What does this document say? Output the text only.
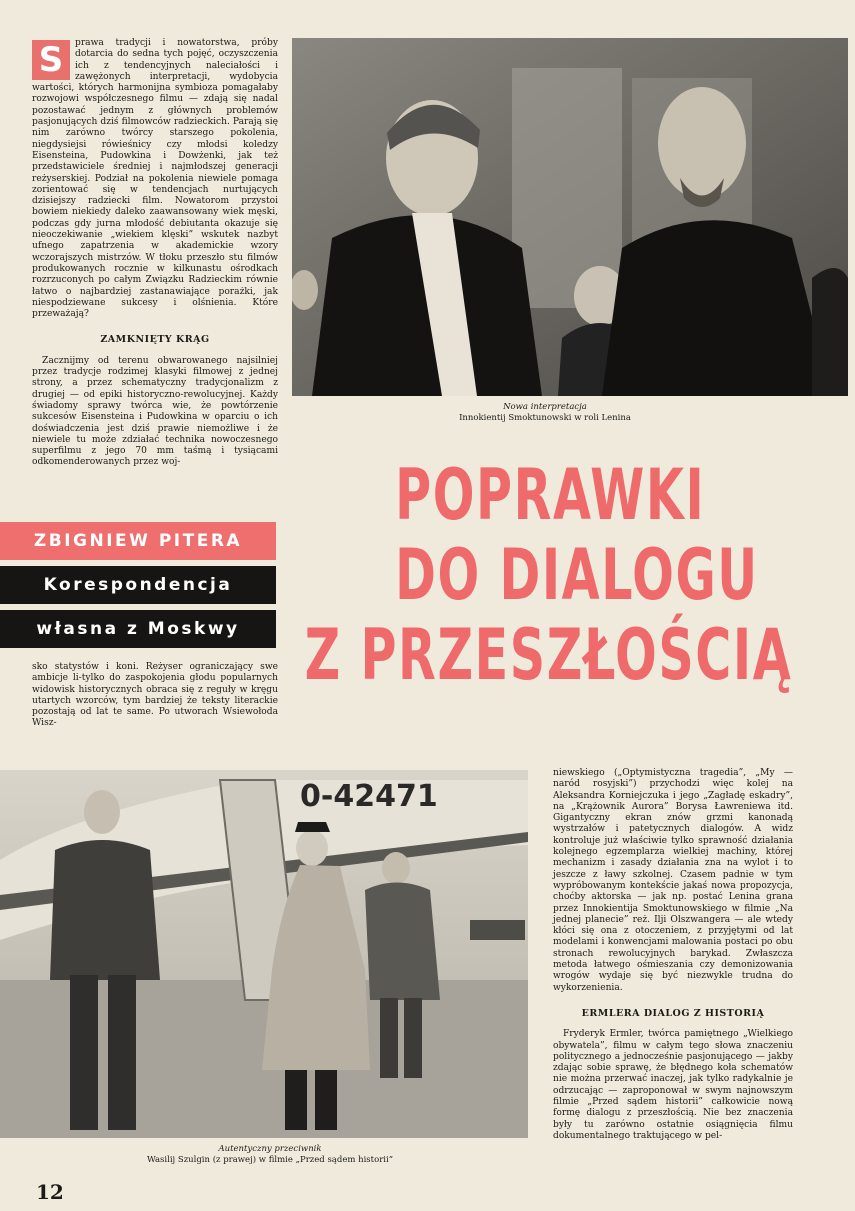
S	prawa tradycji i nowatorstwa, próby dotarcia do sedna tych pojęć, oczyszczenia ich z tendencyjnych naleciałości i zawężonych interpretacji, wydobycia wartości, których harmonijna symbioza pomagałaby rozwojowi współczesnego filmu — zdają się nadal pozostawać jednym z głównych problemów pasjonujących dziś filmowców radzieckich. Parają się nim zarówno twórcy starszego pokolenia, niegdysiejsi rówieśnicy czy młodsi koledzy Eisensteina, Pudowkina i Dowżenki, jak też przedstawiciele średniej i najmłodszej generacji reżyserskiej. Podział na pokolenia niewiele pomaga zorientować się w tendencjach nurtujących dzisiejszy radziecki film. Nowatorom przystoi bowiem niekiedy daleko zaawansowany wiek męski, podczas gdy jurna młodość debiutanta okazuje się nieoczekiwanie „wiekiem klęski” wskutek nazbyt ufnego zapatrzenia w akademickie wzory wczorajszych mistrzów. W tłoku przeszło stu filmów produkowanych rocznie w kilkunastu ośrodkach rozrzuconych po całym Związku Radzieckim równie łatwo o najbardziej zastanawiające porażki, jak niespodziewane sukcesy i olśnienia. Które przeważają?

ZAMKNIĘTY KRĄG

Zacznijmy od terenu obwarowanego najsilniej przez tradycje rodzimej klasyki filmowej z jednej strony, a przez schematyczny tradycjonalizm z drugiej — od epiki historyczno-rewolucyjnej. Każdy świadomy sprawy twórca wie, że powtórzenie sukcesów Eisensteina i Pudowkina w oparciu o ich doświadczenia jest dziś prawie niemożliwe i że niewiele tu może zdziałać technika nowoczesnego superfilmu z jego 70 mm taśmą i tysiącami odkomenderowanych przez woj-

Nowa interpretacja
Innokientij Smoktunowski w roli Lenina
POPRAWKI
DO DIALOGU
Z PRZESZŁOŚCIĄ
ZBIGNIEW PITERA
Korespondencja
własna z Moskwy

sko statystów i koni. Reżyser ograniczający swe ambicje li-tylko do zaspokojenia głodu popularnych widowisk historycznych obraca się z reguły w kręgu utartych wzorców, tym bardziej że teksty literackie pozostają od lat te same. Po utworach Wsiewołoda Wisz-

0-42471
Autentyczny przeciwnik
Wasilij Szulgin (z prawej) w filmie „Przed sądem historii”

niewskiego („Optymistyczna tragedia”, „My — naród rosyjski”) przychodzi więc kolej na Aleksandra Korniejczuka i jego „Zagładę eskadry”, na „Krążownik Aurora” Borysa Ławreniewa itd. Gigantyczny ekran znów grzmi kanonadą wystrzałów i patetycznych dialogów. A widz kontroluje już właściwie tylko sprawność działania kolejnego egzemplarza wielkiej machiny, której mechanizm i zasady działania zna na wylot i to jeszcze z ławy szkolnej. Czasem padnie w tym wypróbowanym kontekście jakaś nowa propozycja, choćby aktorska — jak np. postać Lenina grana przez Innokientija Smoktunowskiego w filmie „Na jednej planecie” reż. Ilji Olszwangera — ale wtedy kłóci się ona z otoczeniem, z przyjętymi od lat modelami i konwencjami malowania postaci po obu stronach rewolucyjnych barykad. Zwłaszcza metoda łatwego ośmieszania czy demonizowania wrogów wydaje się być niezwykle trudna do wykorzenienia.

ERMLERA DIALOG Z HISTORIĄ

Fryderyk Ermler, twórca pamiętnego „Wielkiego obywatela”, filmu w całym tego słowa znaczeniu politycznego a jednocześnie pasjonującego — jakby zdając sobie sprawę, że błędnego koła schematów nie można przerwać inaczej, jak tylko radykalnie je odrzucając — zaproponował w swym najnowszym filmie „Przed sądem historii” całkowicie nową formę dialogu z przeszłością. Nie bez znaczenia były tu zarówno ostatnie osiągnięcia filmu dokumentalnego traktującego w pel-

12
